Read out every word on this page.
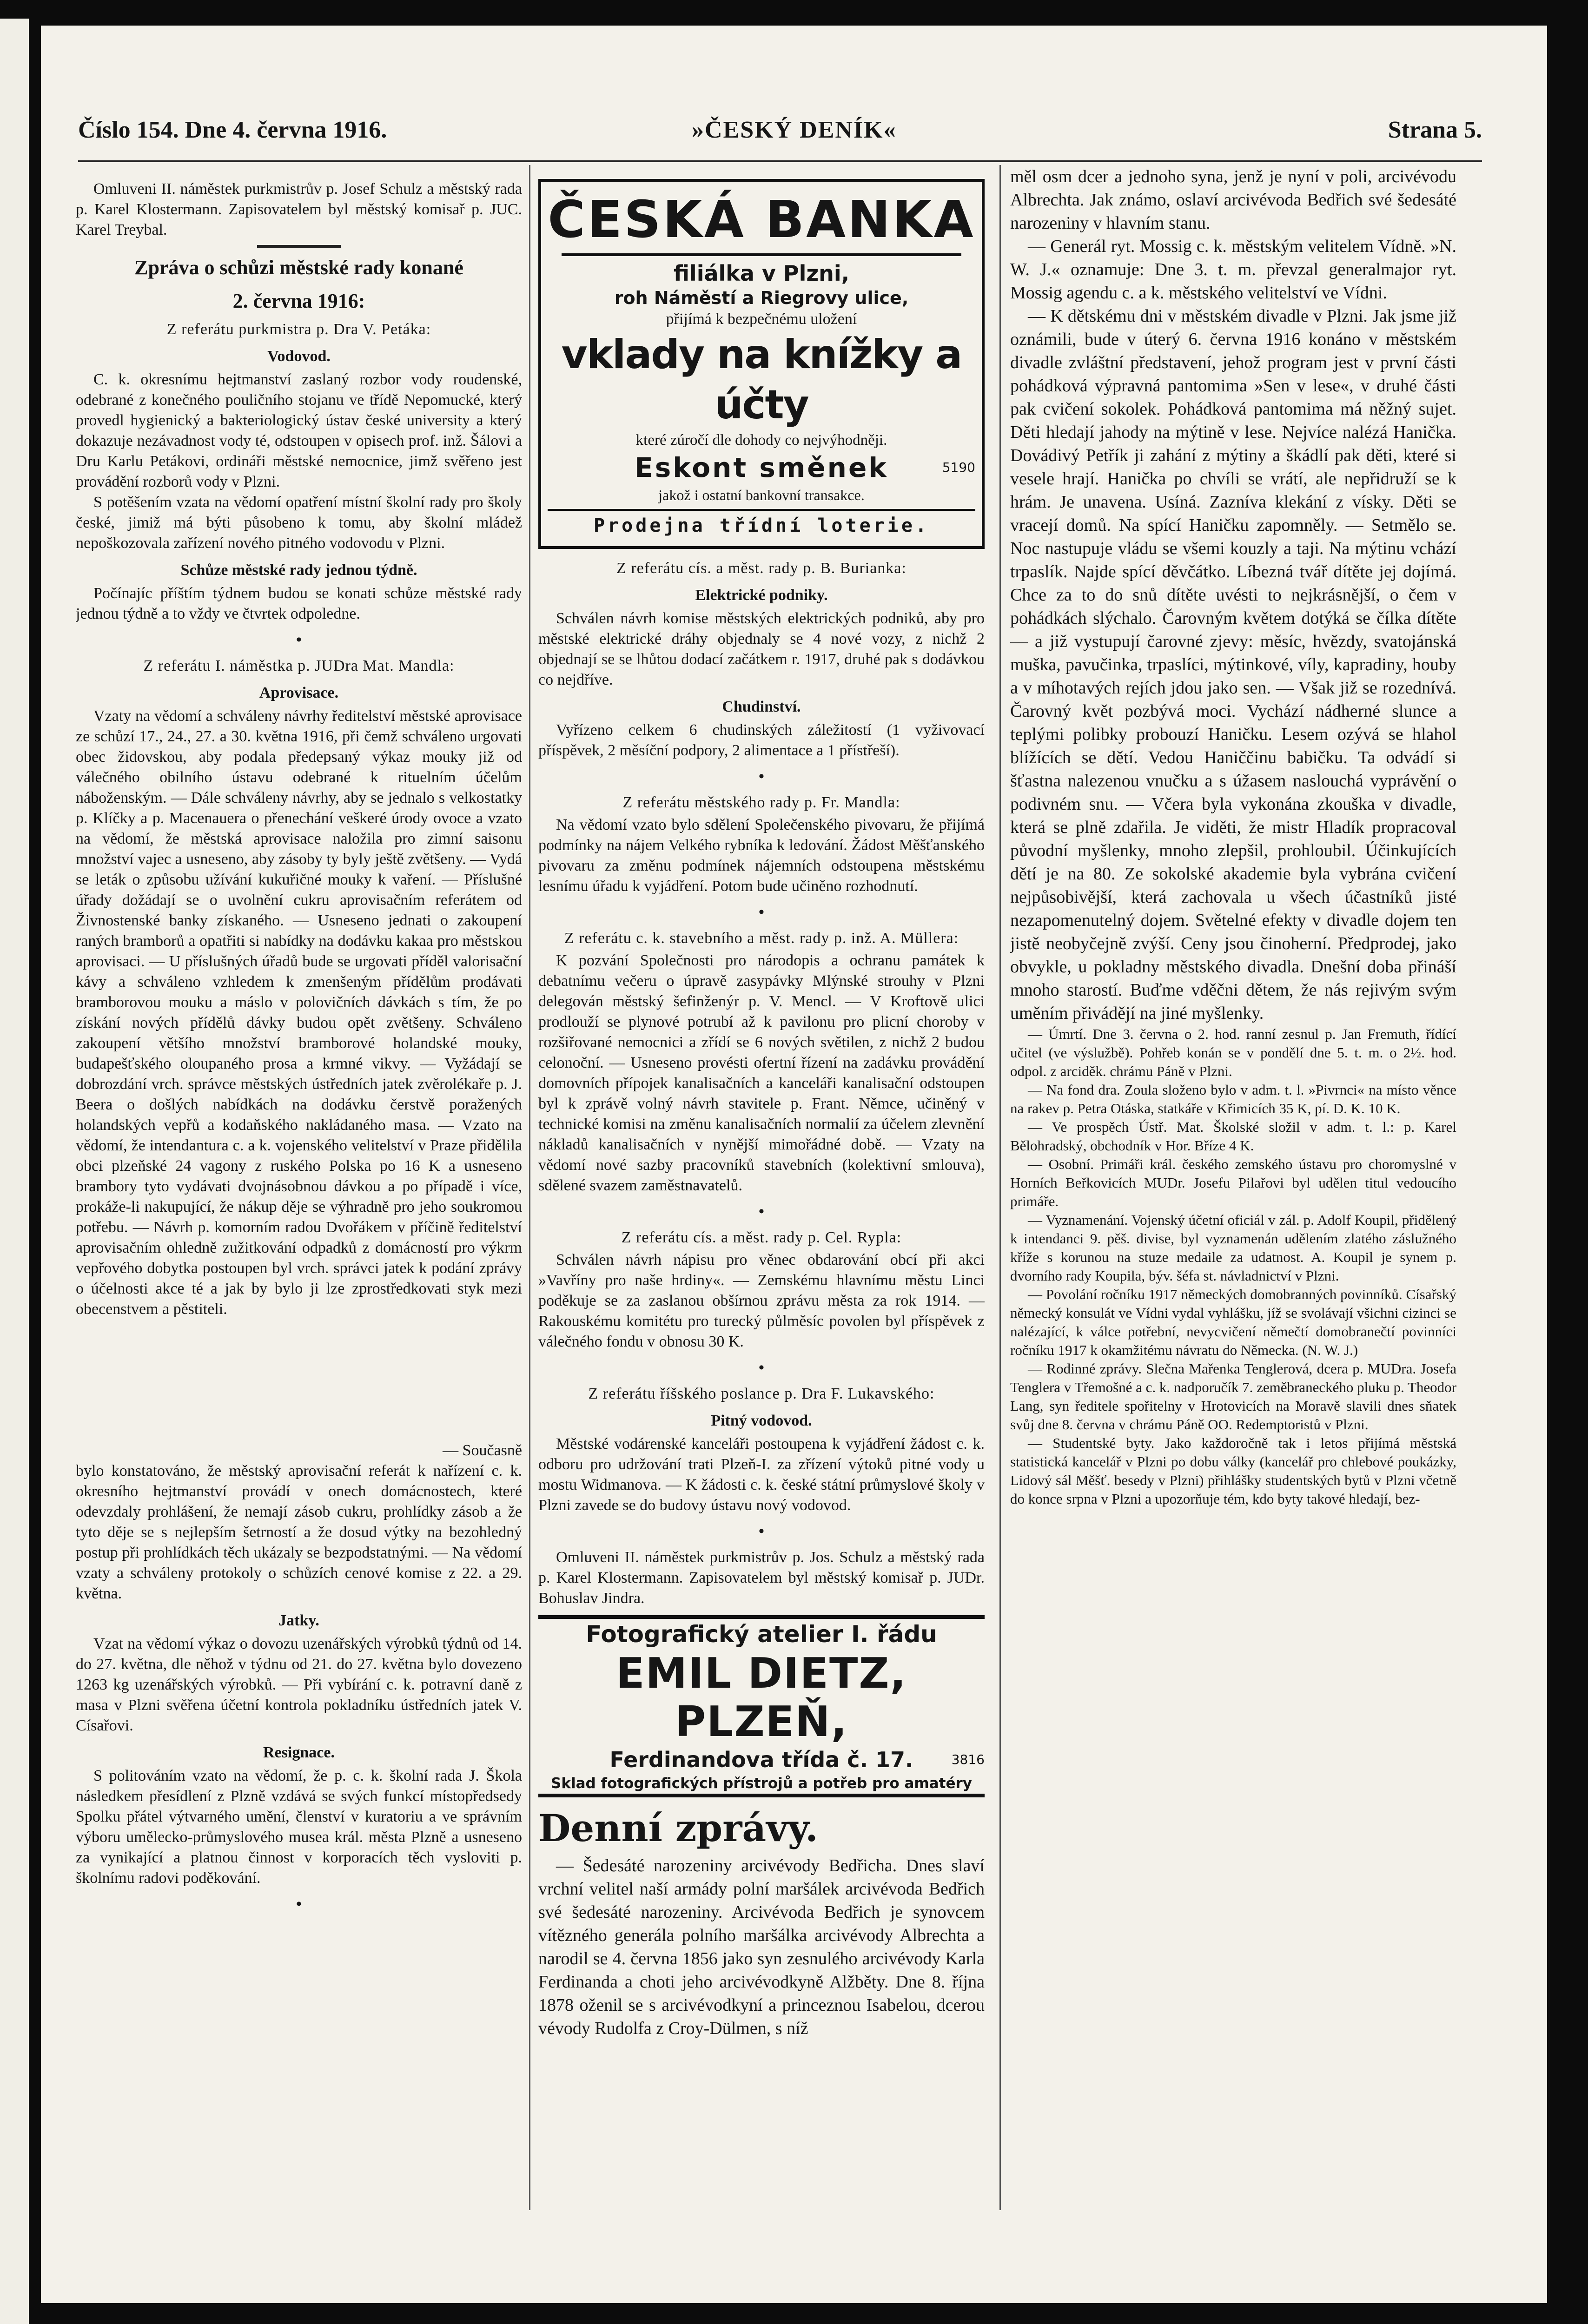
Číslo 154. Dne 4. června 1916.	»ČESKÝ DENÍK«	Strana 5.

Omluveni II. náměstek purkmistrův p. Josef Schulz a městský rada p. Karel Klostermann. Zapisovatelem byl městský komisař p. JUC. Karel Treybal.

Zpráva o schůzi městské rady konané
2. června 1916:
Z referátu purkmistra p. Dra V. Petáka:
Vodovod.

C. k. okresnímu hejtmanství zaslaný rozbor vody roudenské, odebrané z konečného pouličního stojanu ve třídě Nepomucké, který provedl hygienický a bakteriologický ústav české university a který dokazuje nezávadnost vody té, odstoupen v opisech prof. inž. Šálovi a Dru Karlu Petákovi, ordináři městské nemocnice, jimž svěřeno jest provádění rozborů vody v Plzni.

S potěšením vzata na vědomí opatření místní školní rady pro školy české, jimiž má býti působeno k tomu, aby školní mládež nepoškozovala zařízení nového pitného vodovodu v Plzni.

Schůze městské rady jednou týdně.

Počínajíc příštím týdnem budou se konati schůze městské rady jednou týdně a to vždy ve čtvrtek odpoledne.

•
Z referátu I. náměstka p. JUDra Mat. Mandla:
Aprovisace.

Vzaty na vědomí a schváleny návrhy ředitelství městské aprovisace ze schůzí 17., 24., 27. a 30. května 1916, při čemž schváleno urgovati obec židovskou, aby podala předepsaný výkaz mouky již od válečného obilního ústavu odebrané k rituelním účelům náboženským. — Dále schváleny návrhy, aby se jednalo s velkostatky p. Klíčky a p. Macenauera o přenechání veškeré úrody ovoce a vzato na vědomí, že městská aprovisace naložila pro zimní saisonu množství vajec a usneseno, aby zásoby ty byly ještě zvětšeny. — Vydá se leták o způsobu užívání kukuřičné mouky k vaření. — Příslušné úřady dožádají se o uvolnění cukru aprovisačním referátem od Živnostenské banky získaného. — Usneseno jednati o zakoupení raných bramborů a opatřiti si nabídky na dodávku kakaa pro městskou aprovisaci. — U příslušných úřadů bude se urgovati příděl valorisační kávy a schváleno vzhledem k zmenšeným přídělům prodávati bramborovou mouku a máslo v polovičních dávkách s tím, že po získání nových přídělů dávky budou opět zvětšeny. Schváleno zakoupení většího množství bramborové holandské mouky, budapešťského oloupaného prosa a krmné vikvy. — Vyžádají se dobrozdání vrch. správce městských ústředních jatek zvěrolékaře p. J. Beera o došlých nabídkách na dodávku čerstvě poražených holandských vepřů a kodaňského nakládaného masa. — Vzato na vědomí, že intendantura c. a k. vojenského velitelství v Praze přidělila obci plzeňské 24 vagony z ruského Polska po 16 K a usneseno brambory tyto vydávati dvojnásobnou dávkou a po případě i více, prokáže-li nakupující, že nákup děje se výhradně pro jeho soukromou potřebu. — Návrh p. komorním radou Dvořákem v příčině ředitelství aprovisačním ohledně zužitkování odpadků z domácností pro výkrm vepřového dobytka postoupen byl vrch. správci jatek k podání zprávy o účelnosti akce té a jak by bylo ji lze zprostředkovati styk mezi obecenstvem a pěstiteli.

— Současně

bylo konstatováno, že městský aprovisační referát k nařízení c. k. okresního hejtmanství provádí v onech domácnostech, které odevzdaly prohlášení, že nemají zásob cukru, prohlídky zásob a že tyto děje se s nejlepším šetrností a že dosud výtky na bezohledný postup při prohlídkách těch ukázaly se bezpodstatnými. — Na vědomí vzaty a schváleny protokoly o schůzích cenové komise z 22. a 29. května.

Jatky.

Vzat na vědomí výkaz o dovozu uzenářských výrobků týdnů od 14. do 27. května, dle něhož v týdnu od 21. do 27. května bylo dovezeno 1263 kg uzenářských výrobků. — Při vybírání c. k. potravní daně z masa v Plzni svěřena účetní kontrola pokladníku ústředních jatek V. Císařovi.

Resignace.

S politováním vzato na vědomí, že p. c. k. školní rada J. Škola následkem přesídlení z Plzně vzdává se svých funkcí místopředsedy Spolku přátel výtvarného umění, členství v kuratoriu a ve správním výboru umělecko-průmyslového musea král. města Plzně a usneseno za vynikající a platnou činnost v korporacích těch vysloviti p. školnímu radovi poděkování.

•
ČESKÁ BANKA
filiálka v Plzni,
roh Náměstí a Riegrovy ulice,
přijímá k bezpečnému uložení
vklady na knížky a účty
které zúročí dle dohody co nejvýhodněji.
Eskont směnek	5190
jakož i ostatní bankovní transakce.
Prodejna třídní loterie.
Z referátu cís. a měst. rady p. B. Burianka:
Elektrické podniky.

Schválen návrh komise městských elektrických podniků, aby pro městské elektrické dráhy objednaly se 4 nové vozy, z nichž 2 objednají se se lhůtou dodací začátkem r. 1917, druhé pak s dodávkou co nejdříve.

Chudinství.

Vyřízeno celkem 6 chudinských záležitostí (1 vyživovací příspěvek, 2 měsíční podpory, 2 alimentace a 1 přístřeší).

•
Z referátu městského rady p. Fr. Mandla:

Na vědomí vzato bylo sdělení Společenského pivovaru, že přijímá podmínky na nájem Velkého rybníka k ledování. Žádost Měšťanského pivovaru za změnu podmínek nájemních odstoupena městskému lesnímu úřadu k vyjádření. Potom bude učiněno rozhodnutí.

•
Z referátu c. k. stavebního a měst. rady p. inž. A. Müllera:

K pozvání Společnosti pro národopis a ochranu památek k debatnímu večeru o úpravě zasypávky Mlýnské strouhy v Plzni delegován městský šefinženýr p. V. Mencl. — V Kroftově ulici prodlouží se plynové potrubí až k pavilonu pro plicní choroby v rozšiřované nemocnici a zřídí se 6 nových světilen, z nichž 2 budou celonoční. — Usneseno provésti ofertní řízení na zadávku provádění domovních přípojek kanalisačních a kanceláři kanalisační odstoupen byl k zprávě volný návrh stavitele p. Frant. Němce, učiněný v technické komisi na změnu kanalisačních normalií za účelem zlevnění nákladů kanalisačních v nynější mimořádné době. — Vzaty na vědomí nové sazby pracovníků stavebních (kolektivní smlouva), sdělené svazem zaměstnavatelů.

•
Z referátu cís. a měst. rady p. Cel. Rypla:

Schválen návrh nápisu pro věnec obdarování obcí při akci »Vavříny pro naše hrdiny«. — Zemskému hlavnímu městu Linci poděkuje se za zaslanou obšírnou zprávu města za rok 1914. — Rakouskému komitétu pro turecký půlměsíc povolen byl příspěvek z válečného fondu v obnosu 30 K.

•
Z referátu říšského poslance p. Dra F. Lukavského:
Pitný vodovod.

Městské vodárenské kanceláři postoupena k vyjádření žádost c. k. odboru pro udržování trati Plzeň-I. za zřízení výtoků pitné vody u mostu Widmanova. — K žádosti c. k. české státní průmyslové školy v Plzni zavede se do budovy ústavu nový vodovod.

•

Omluveni II. náměstek purkmistrův p. Jos. Schulz a městský rada p. Karel Klostermann. Zapisovatelem byl městský komisař p. JUDr. Bohuslav Jindra.

Fotografický atelier I. řádu
EMIL DIETZ, PLZEŇ,
Ferdinandova třída č. 17.	3816
Sklad fotografických přístrojů a potřeb pro amatéry
Denní zprávy.

— Šedesáté narozeniny arcivévody Bedřicha. Dnes slaví vrchní velitel naší armády polní maršálek arcivévoda Bedřich své šedesáté narozeniny. Arcivévoda Bedřich je synovcem vítězného generála polního maršálka arcivévody Albrechta a narodil se 4. června 1856 jako syn zesnulého arcivévody Karla Ferdinanda a choti jeho arcivévodkyně Alžběty. Dne 8. října 1878 oženil se s arcivévodkyní a princeznou Isabelou, dcerou vévody Rudolfa z Croy-Dülmen, s níž

měl osm dcer a jednoho syna, jenž je nyní v poli, arcivévodu Albrechta. Jak známo, oslaví arcivévoda Bedřich své šedesáté narozeniny v hlavním stanu.

— Generál ryt. Mossig c. k. městským velitelem Vídně. »N. W. J.« oznamuje: Dne 3. t. m. převzal generalmajor ryt. Mossig agendu c. a k. městského velitelství ve Vídni.

— K dětskému dni v městském divadle v Plzni. Jak jsme již oznámili, bude v úterý 6. června 1916 konáno v městském divadle zvláštní představení, jehož program jest v první části pohádková výpravná pantomima »Sen v lese«, v druhé části pak cvičení sokolek. Pohádková pantomima má něžný sujet. Děti hledají jahody na mýtině v lese. Nejvíce nalézá Hanička. Dovádivý Petřík ji zahání z mýtiny a škádlí pak děti, které si vesele hrají. Hanička po chvíli se vrátí, ale nepřidruží se k hrám. Je unavena. Usíná. Zazníva klekání z vísky. Děti se vracejí domů. Na spící Haničku zapomněly. — Setmělo se. Noc nastupuje vládu se všemi kouzly a taji. Na mýtinu vchází trpaslík. Najde spící děvčátko. Líbezná tvář dítěte jej dojímá. Chce za to do snů dítěte uvésti to nejkrásnější, o čem v pohádkách slýchalo. Čarovným květem dotýká se čílka dítěte — a již vystupují čarovné zjevy: měsíc, hvězdy, svatojánská muška, pavučinka, trpaslíci, mýtinkové, víly, kapradiny, houby a v míhotavých rejích jdou jako sen. — Však již se rozednívá. Čarovný květ pozbývá moci. Vychází nádherné slunce a teplými polibky probouzí Haničku. Lesem ozývá se hlahol blížících se dětí. Vedou Haniččinu babičku. Ta odvádí si šťastna nalezenou vnučku a s úžasem naslouchá vyprávění o podivném snu. — Včera byla vykonána zkouška v divadle, která se plně zdařila. Je viděti, že mistr Hladík propracoval původní myšlenky, mnoho zlepšil, prohloubil. Účinkujících dětí je na 80. Ze sokolské akademie byla vybrána cvičení nejpůsobivější, která zachovala u všech účastníků jisté nezapomenutelný dojem. Světelné efekty v divadle dojem ten jistě neobyčejně zvýší. Ceny jsou činoherní. Předprodej, jako obvykle, u pokladny městského divadla. Dnešní doba přináší mnoho starostí. Buďme vděčni dětem, že nás rejivým svým uměním přivádějí na jiné myšlenky.

— Úmrtí. Dne 3. června o 2. hod. ranní zesnul p. Jan Fremuth, řídící učitel (ve výslužbě). Pohřeb konán se v pondělí dne 5. t. m. o 2½. hod. odpol. z arciděk. chrámu Páně v Plzni.

— Na fond dra. Zoula složeno bylo v adm. t. l. »Pivrnci« na místo věnce na rakev p. Petra Otáska, statkáře v Křimicích 35 K, pí. D. K. 10 K.

— Ve prospěch Ústř. Mat. Školské složil v adm. t. l.: p. Karel Bělohradský, obchodník v Hor. Bříze 4 K.

— Osobní. Primáři král. českého zemského ústavu pro choromyslné v Horních Beřkovicích MUDr. Josefu Pilařovi byl udělen titul vedoucího primáře.

— Vyznamenání. Vojenský účetní oficiál v zál. p. Adolf Koupil, přidělený k intendanci 9. pěš. divise, byl vyznamenán udělením zlatého záslužného kříže s korunou na stuze medaile za udatnost. A. Koupil je synem p. dvorního rady Koupila, býv. šéfa st. návladnictví v Plzni.

— Povolání ročníku 1917 německých domobranných povinníků. Císařský německý konsulát ve Vídni vydal vyhlášku, jíž se svolávají všichni cizinci se nalézající, k válce potřební, nevycvičení němečtí domobranečtí povinníci ročníku 1917 k okamžitému návratu do Německa. (N. W. J.)

— Rodinné zprávy. Slečna Mařenka Tenglerová, dcera p. MUDra. Josefa Tenglera v Třemošné a c. k. nadporučík 7. zeměbraneckého pluku p. Theodor Lang, syn ředitele spořitelny v Hrotovicích na Moravě slavili dnes sňatek svůj dne 8. června v chrámu Páně OO. Redemptoristů v Plzni.

— Studentské byty. Jako každoročně tak i letos přijímá městská statistická kancelář v Plzni po dobu války (kancelář pro chlebové poukázky, Lidový sál Měšť. besedy v Plzni) přihlášky studentských bytů v Plzni včetně do konce srpna v Plzni a upozorňuje tém, kdo byty takové hledají, bez-
